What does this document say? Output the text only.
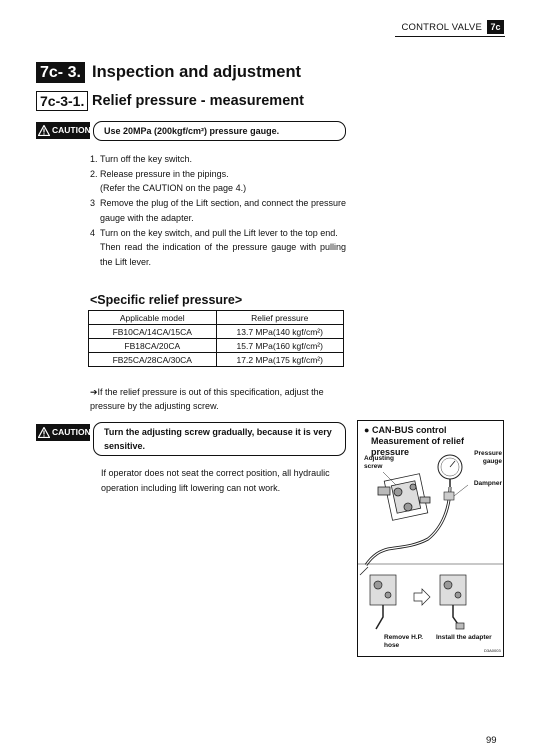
CONTROL VALVE 7c
7c- 3. Inspection and adjustment
7c-3-1. Relief pressure - measurement
CAUTION	Use 20MPa (200kgf/cm²) pressure gauge.
1. Turn off the key switch.
2. Release pressure in the pipings.
(Refer the CAUTION on the page 4.)
3 Remove the plug of the Lift section, and connect the pressure gauge with the adapter.
4 Turn on the key switch, and pull the Lift lever to the top end.
Then read the indication of the pressure gauge with pulling the Lift lever.
<Specific relief pressure>
Applicable model	Relief pressure
FB10CA/14CA/15CA	13.7 MPa(140 kgf/cm²)
FB18CA/20CA	15.7 MPa(160 kgf/cm²)
FB25CA/28CA/30CA	17.2 MPa(175 kgf/cm²)
➔If the relief pressure is out of this specification, adjust the pressure by the adjusting screw.
CAUTION	Turn the adjusting screw gradually, because it is very sensitive.
If operator does not seat the correct position, all hydraulic operation including lift lowering can not work.
● CAN-BUS control
Measurement of relief pressure
Adjusting screw
Pressure gauge
Dampner
Remove H.P. hose
Install the adapter
D3A0003
99
